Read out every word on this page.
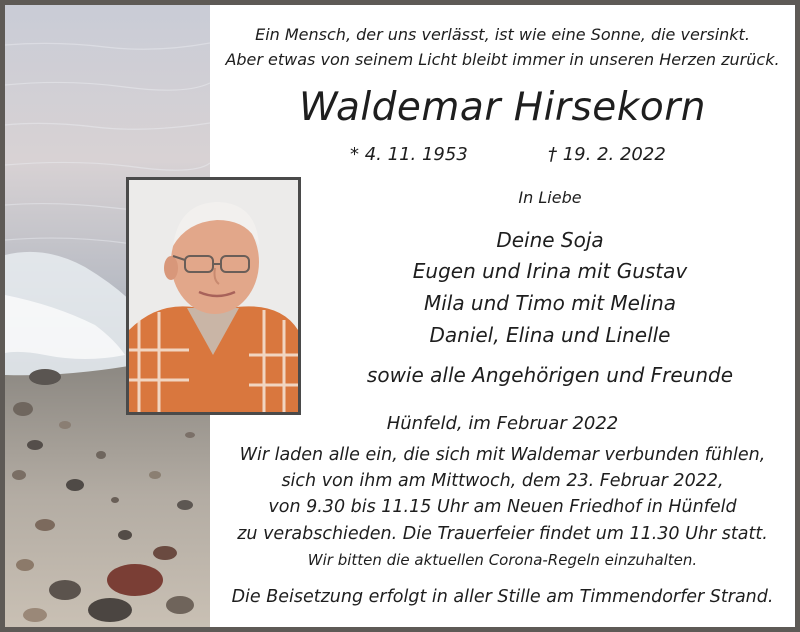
Ein Mensch, der uns verlässt, ist wie eine Sonne, die versinkt.
Aber etwas von seinem Licht bleibt immer in unseren Herzen zurück.
Waldemar Hirsekorn
* 4. 11. 1953	† 19. 2. 2022
In Liebe
Deine Soja
Eugen und Irina mit Gustav
Mila und Timo mit Melina
Daniel, Elina und Linelle
sowie alle Angehörigen und Freunde
Hünfeld, im Februar 2022
Wir laden alle ein, die sich mit Waldemar verbunden fühlen,
sich von ihm am Mittwoch, dem 23. Februar 2022,
von 9.30 bis 11.15 Uhr am Neuen Friedhof in Hünfeld
zu verabschieden. Die Trauerfeier findet um 11.30 Uhr statt.
Wir bitten die aktuellen Corona-Regeln einzuhalten.
Die Beisetzung erfolgt in aller Stille am Timmendorfer Strand.
